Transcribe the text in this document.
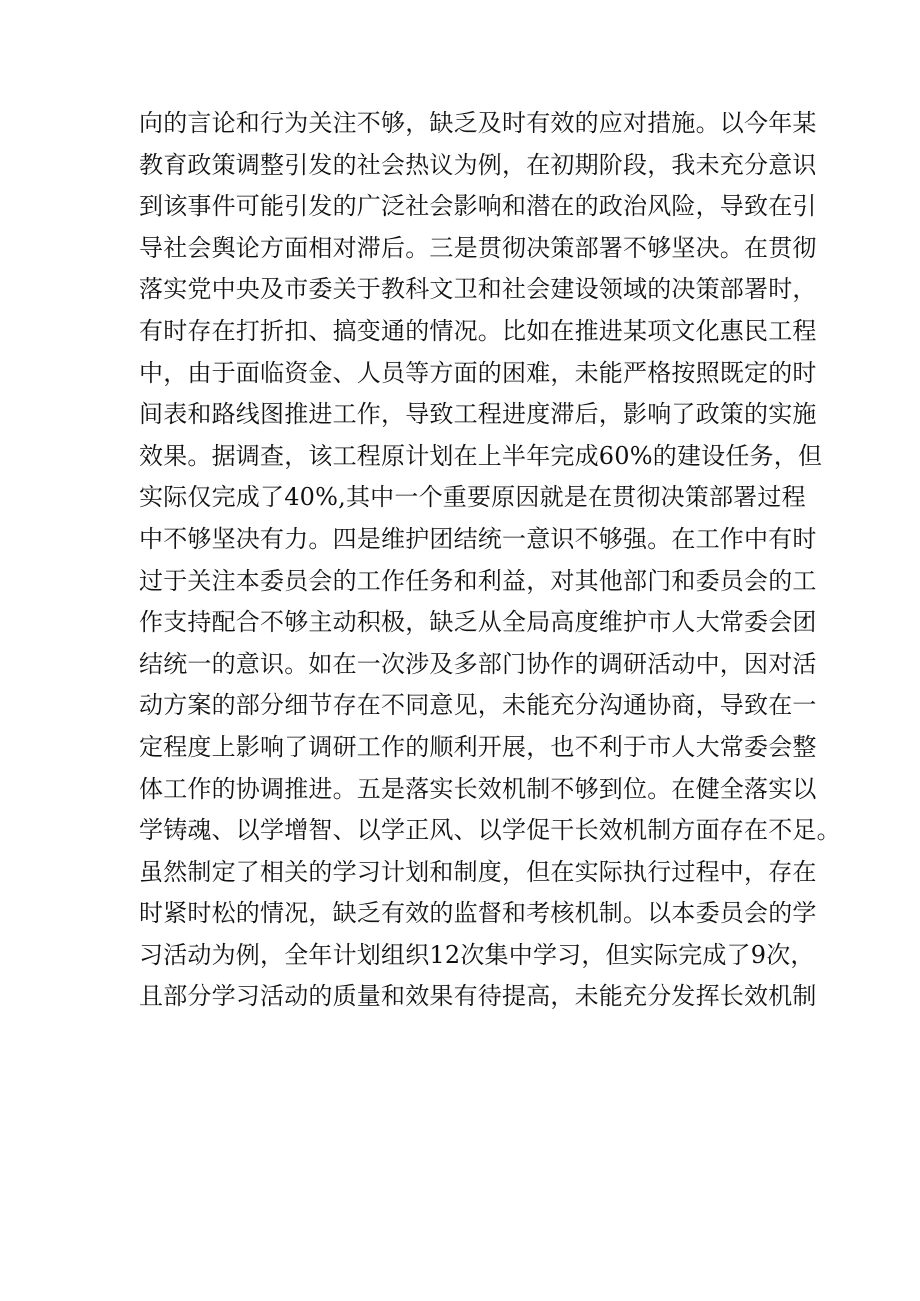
向的言论和行为关注不够，缺乏及时有效的应对措施。以今年某
教育政策调整引发的社会热议为例，在初期阶段，我未充分意识
到该事件可能引发的广泛社会影响和潜在的政治风险，导致在引
导社会舆论方面相对滞后。三是贯彻决策部署不够坚决。在贯彻
落实党中央及市委关于教科文卫和社会建设领域的决策部署时，
有时存在打折扣、搞变通的情况。比如在推进某项文化惠民工程
中，由于面临资金、人员等方面的困难，未能严格按照既定的时
间表和路线图推进工作，导致工程进度滞后，影响了政策的实施
效果。据调查，该工程原计划在上半年完成60%的建设任务，但
实际仅完成了40%,其中一个重要原因就是在贯彻决策部署过程
中不够坚决有力。四是维护团结统一意识不够强。在工作中有时
过于关注本委员会的工作任务和利益，对其他部门和委员会的工
作支持配合不够主动积极，缺乏从全局高度维护市人大常委会团
结统一的意识。如在一次涉及多部门协作的调研活动中，因对活
动方案的部分细节存在不同意见，未能充分沟通协商，导致在一
定程度上影响了调研工作的顺利开展，也不利于市人大常委会整
体工作的协调推进。五是落实长效机制不够到位。在健全落实以
学铸魂、以学增智、以学正风、以学促干长效机制方面存在不足。
虽然制定了相关的学习计划和制度，但在实际执行过程中，存在
时紧时松的情况，缺乏有效的监督和考核机制。以本委员会的学
习活动为例，全年计划组织12次集中学习，但实际完成了9次，
且部分学习活动的质量和效果有待提高，未能充分发挥长效机制
